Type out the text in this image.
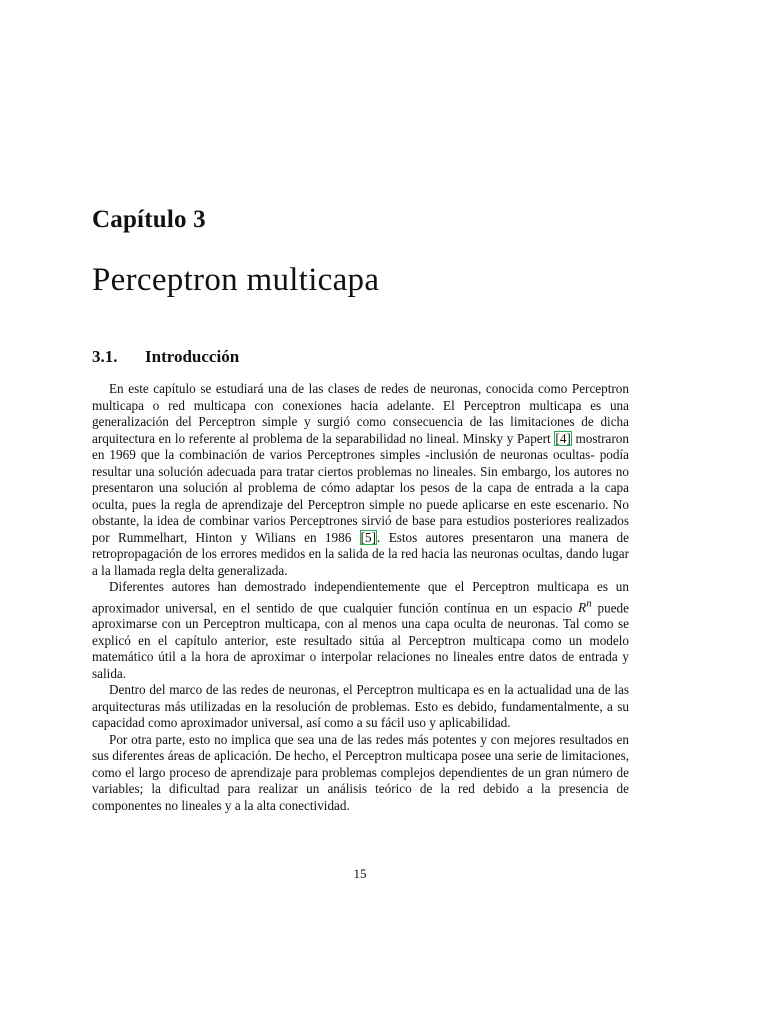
Capítulo 3
Perceptron multicapa
3.1. Introducción

En este capítulo se estudiará una de las clases de redes de neuronas, conocida como Perceptron multicapa o red multicapa con conexiones hacia adelante. El Perceptron multicapa es una generalización del Perceptron simple y surgió como consecuencia de las limitaciones de dicha arquitectura en lo referente al problema de la separabilidad no lineal. Minsky y Papert [4] mostraron en 1969 que la combinación de varios Perceptrones simples -inclusión de neuronas ocultas- podía resultar una solución adecuada para tratar ciertos problemas no lineales. Sin embargo, los autores no presentaron una solución al problema de cómo adaptar los pesos de la capa de entrada a la capa oculta, pues la regla de aprendizaje del Perceptron simple no puede aplicarse en este escenario. No obstante, la idea de combinar varios Perceptrones sirvió de base para estudios posteriores realizados por Rummelhart, Hinton y Wilians en 1986 [5]. Estos autores presentaron una manera de retropropagación de los errores medidos en la salida de la red hacia las neuronas ocultas, dando lugar a la llamada regla delta generalizada.

Diferentes autores han demostrado independientemente que el Perceptron multicapa es un aproximador universal, en el sentido de que cualquier función contínua en un espacio $R^n$ puede aproximarse con un Perceptron multicapa, con al menos una capa oculta de neuronas. Tal como se explicó en el capítulo anterior, este resultado sitúa al Perceptron multicapa como un modelo matemático útil a la hora de aproximar o interpolar relaciones no lineales entre datos de entrada y salida.

Dentro del marco de las redes de neuronas, el Perceptron multicapa es en la actualidad una de las arquitecturas más utilizadas en la resolución de problemas. Esto es debido, fundamentalmente, a su capacidad como aproximador universal, así como a su fácil uso y aplicabilidad.

Por otra parte, esto no implica que sea una de las redes más potentes y con mejores resultados en sus diferentes áreas de aplicación. De hecho, el Perceptron multicapa posee una serie de limitaciones, como el largo proceso de aprendizaje para problemas complejos dependientes de un gran número de variables; la dificultad para realizar un análisis teórico de la red debido a la presencia de componentes no lineales y a la alta conectividad.

15
